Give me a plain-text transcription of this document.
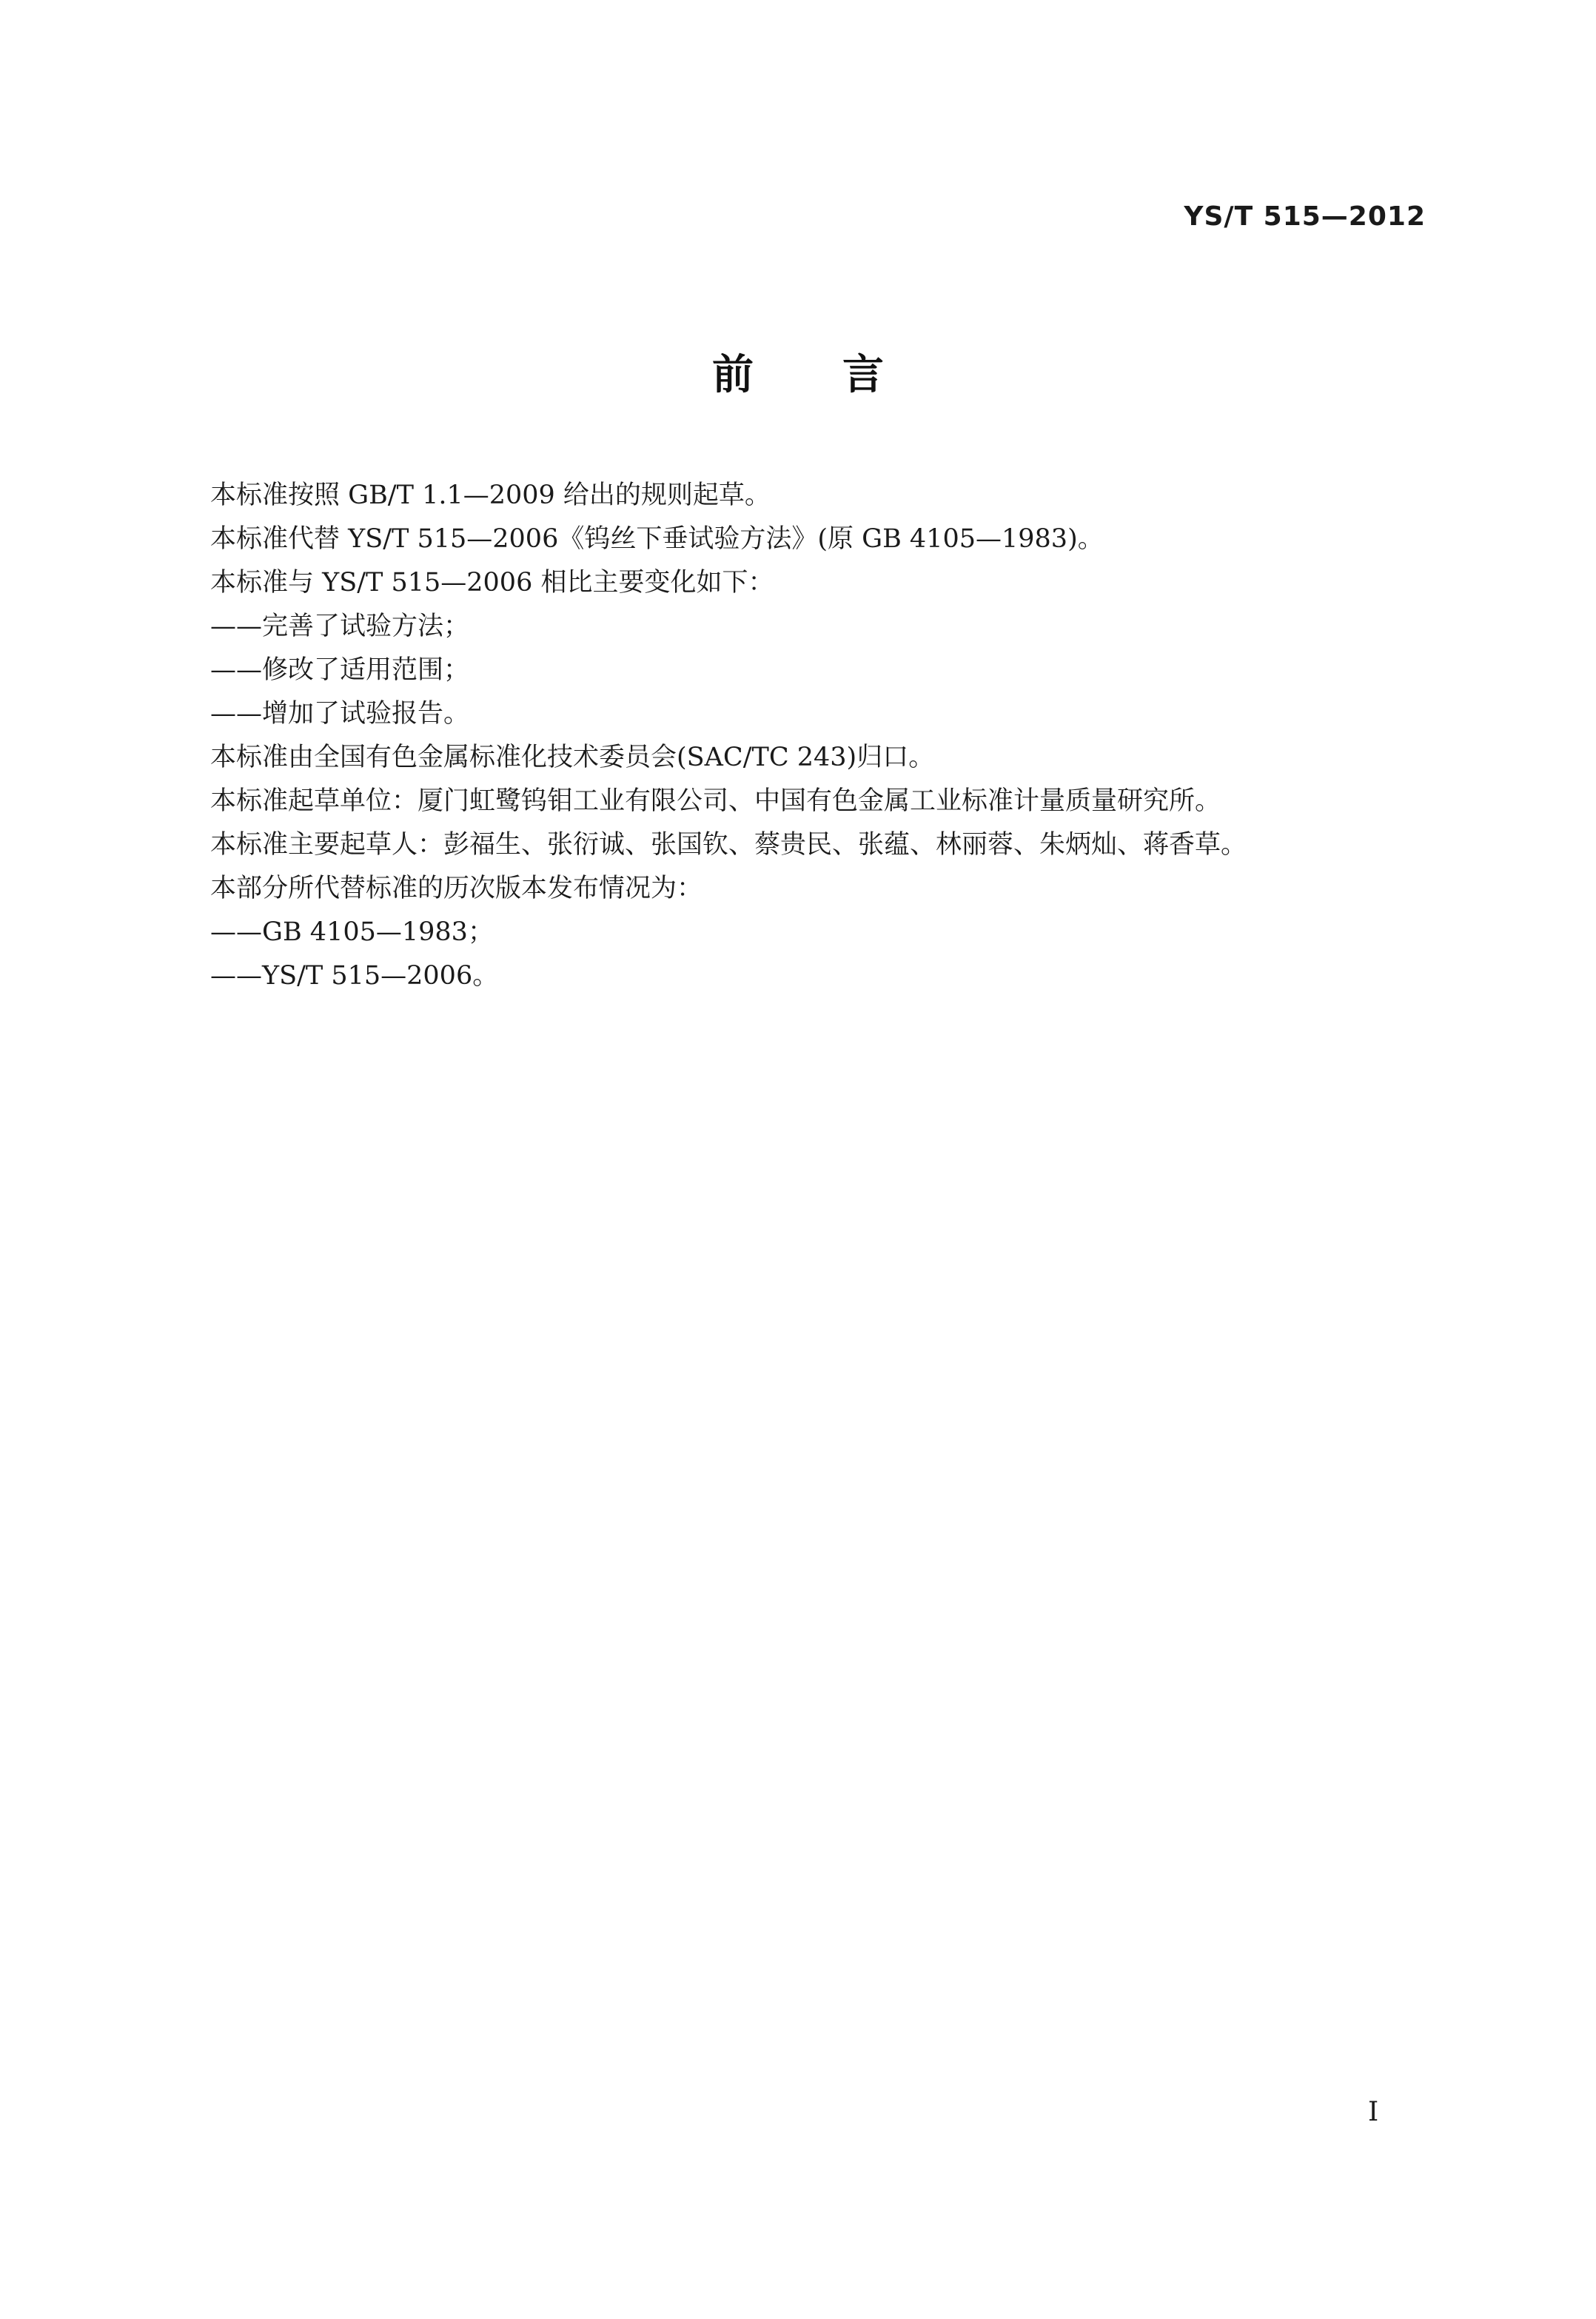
YS/T 515—2012
前 言
本标准按照 GB/T 1.1—2009 给出的规则起草。
本标准代替 YS/T 515—2006《钨丝下垂试验方法》(原 GB 4105—1983)。
本标准与 YS/T 515—2006 相比主要变化如下：
——完善了试验方法；
——修改了适用范围；
——增加了试验报告。
本标准由全国有色金属标准化技术委员会(SAC/TC 243)归口。
本标准起草单位：厦门虹鹭钨钼工业有限公司、中国有色金属工业标准计量质量研究所。
本标准主要起草人：彭福生、张衍诚、张国钦、蔡贵民、张蕴、林丽蓉、朱炳灿、蒋香草。
本部分所代替标准的历次版本发布情况为：
——GB 4105—1983；
——YS/T 515—2006。
I
